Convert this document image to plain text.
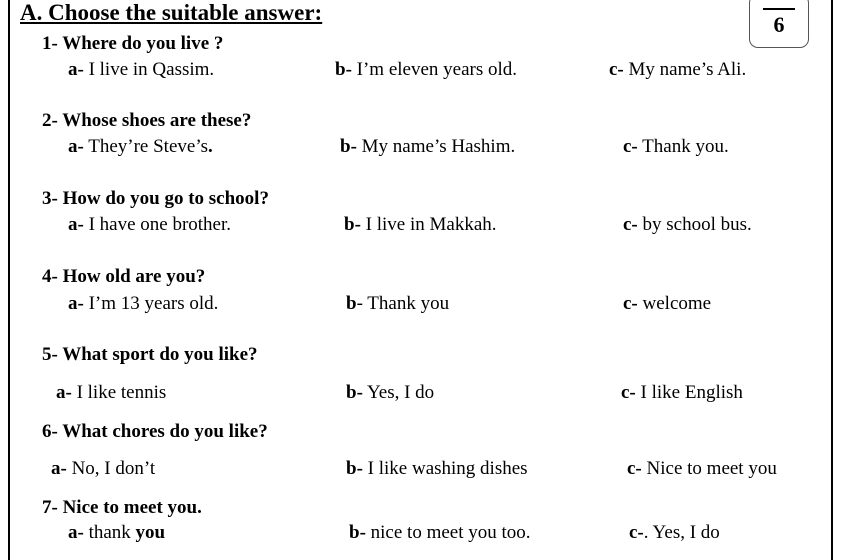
A. Choose the suitable answer:	6
1- Where do you live ?
a- I live in Qassim.	b- I’m eleven years old.	c- My name’s Ali.
2- Whose shoes are these?
a- They’re Steve’s.	b- My name’s Hashim.	c- Thank you.
3- How do you go to school?
a- I have one brother.	b- I live in Makkah.	c- by school bus.
4- How old are you?
a- I’m 13 years old.	b- Thank you	c- welcome
5- What sport do you like?
a- I like tennis	b- Yes, I do	c- I like English
6- What chores do you like?
a- No, I don’t	b- I like washing dishes	c- Nice to meet you
7- Nice to meet you.
a- thank you	b- nice to meet you too.	c-. Yes, I do
